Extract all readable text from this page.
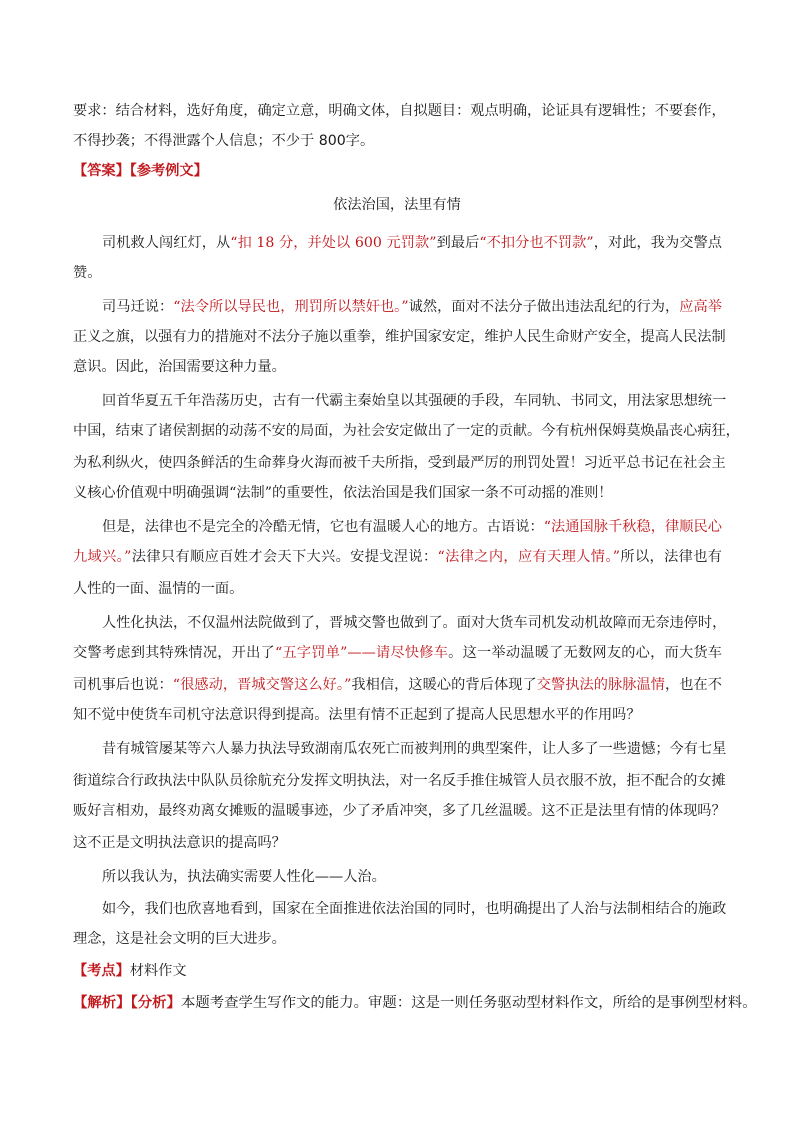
要求：结合材料，选好角度，确定立意，明确文体，自拟题目：观点明确，论证具有逻辑性；不要套作，
不得抄袭；不得泄露个人信息；不少于 800字。
【答案】【参考例文】
依法治国，法里有情
司机救人闯红灯，从“扣 18 分，并处以 600 元罚款”到最后“不扣分也不罚款”，对此，我为交警点
赞。
司马迁说：“法令所以导民也，刑罚所以禁奸也。”诚然，面对不法分子做出违法乱纪的行为，应高举
正义之旗，以强有力的措施对不法分子施以重拳，维护国家安定，维护人民生命财产安全，提高人民法制
意识。因此，治国需要这种力量。
回首华夏五千年浩荡历史，古有一代霸主秦始皇以其强硬的手段，车同轨、书同文，用法家思想统一
中国，结束了诸侯割据的动荡不安的局面，为社会安定做出了一定的贡献。今有杭州保姆莫焕晶丧心病狂，
为私利纵火，使四条鲜活的生命葬身火海而被千夫所指，受到最严厉的刑罚处置！习近平总书记在社会主
义核心价值观中明确强调“法制”的重要性，依法治国是我们国家一条不可动摇的准则！
但是，法律也不是完全的冷酷无情，它也有温暖人心的地方。古语说：“法通国脉千秋稳，律顺民心
九域兴。”法律只有顺应百姓才会天下大兴。安提戈涅说：“法律之内，应有天理人情。”所以，法律也有
人性的一面、温情的一面。
人性化执法，不仅温州法院做到了，晋城交警也做到了。面对大货车司机发动机故障而无奈违停时，
交警考虑到其特殊情况，开出了“五字罚单”——请尽快修车。这一举动温暖了无数网友的心，而大货车
司机事后也说：“很感动，晋城交警这么好。”我相信，这暖心的背后体现了交警执法的脉脉温情，也在不
知不觉中使货车司机守法意识得到提高。法里有情不正起到了提高人民思想水平的作用吗？
昔有城管屡某等六人暴力执法导致湖南瓜农死亡而被判刑的典型案件，让人多了一些遗憾；今有七星
街道综合行政执法中队队员徐航充分发挥文明执法，对一名反手推住城管人员衣服不放，拒不配合的女摊
贩好言相劝，最终劝离女摊贩的温暖事迹，少了矛盾冲突，多了几丝温暖。这不正是法里有情的体现吗？
这不正是文明执法意识的提高吗？
所以我认为，执法确实需要人性化——人治。
如今，我们也欣喜地看到，国家在全面推进依法治国的同时，也明确提出了人治与法制相结合的施政
理念，这是社会文明的巨大进步。
【考点】材料作文
【解析】【分析】本题考查学生写作文的能力。审题：这是一则任务驱动型材料作文，所给的是事例型材料。
